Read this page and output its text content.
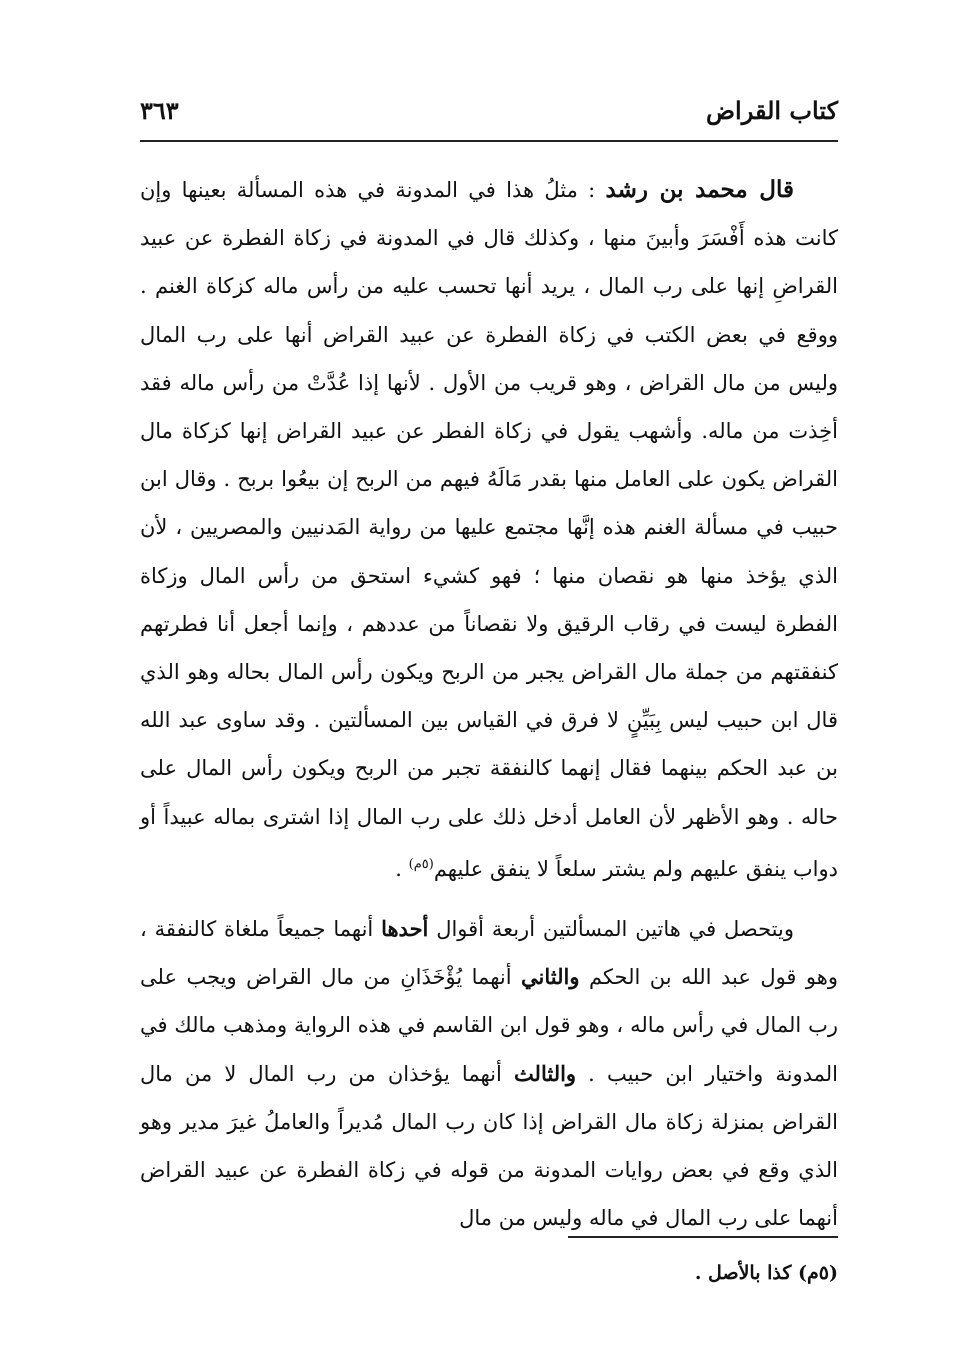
كتاب القراض
٣٦٣

قال محمد بن رشد : مثلُ هذا في المدونة في هذه المسألة بعينها وإن كانت هذه أَفْسَرَ وأبينَ منها ، وكذلك قال في المدونة في زكاة الفطرة عن عبيد القراضِ إنها على رب المال ، يريد أنها تحسب عليه من رأس ماله كزكاة الغنم . ووقع في بعض الكتب في زكاة الفطرة عن عبيد القراض أنها على رب المال وليس من مال القراض ، وهو قريب من الأول . لأنها إذا عُدَّتْ من رأس ماله فقد أخِذت من ماله. وأشهب يقول في زكاة الفطر عن عبيد القراض إنها كزكاة مال القراض يكون على العامل منها بقدر مَالَهُ فيهم من الربح إن بيعُوا بربح . وقال ابن حبيب في مسألة الغنم هذه إنَّها مجتمع عليها من رواية المَدنيين والمصريين ، لأن الذي يؤخذ منها هو نقصان منها ؛ فهو كشيء استحق من رأس المال وزكاة الفطرة ليست في رقاب الرقيق ولا نقصاناً من عددهم ، وإنما أجعل أنا فطرتهم كنفقتهم من جملة مال القراض يجبر من الربح ويكون رأس المال بحاله وهو الذي قال ابن حبيب ليس بِبَيِّنٍ لا فرق في القياس بين المسألتين . وقد ساوى عبد الله بن عبد الحكم بينهما فقال إنهما كالنفقة تجبر من الربح ويكون رأس المال على حاله . وهو الأظهر لأن العامل أدخل ذلك على رب المال إذا اشترى بماله عبيداً أو دواب ينفق عليهم ولم يشتر سلعاً لا ينفق عليهم$^{(٥م)}$ .

ويتحصل في هاتين المسألتين أربعة أقوال أحدها أنهما جميعاً ملغاة كالنفقة ، وهو قول عبد الله بن الحكم والثاني أنهما يُؤْخَذَانِ من مال القراض ويجب على رب المال في رأس ماله ، وهو قول ابن القاسم في هذه الرواية ومذهب مالك في المدونة واختيار ابن حبيب . والثالث أنهما يؤخذان من رب المال لا من مال القراض بمنزلة زكاة مال القراض إذا كان رب المال مُديراً والعاملُ غيرَ مدير وهو الذي وقع في بعض روايات المدونة من قوله في زكاة الفطرة عن عبيد القراض أنهما على رب المال في ماله وليس من مال

(٥م) كذا بالأصل .
